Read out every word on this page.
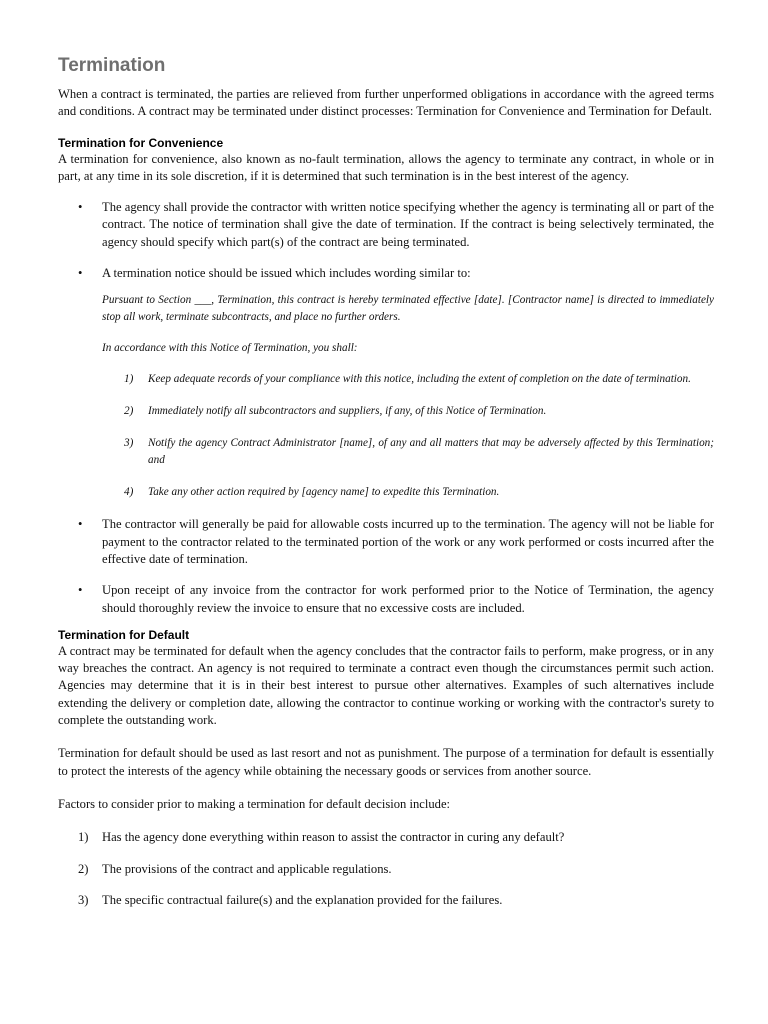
Termination

When a contract is terminated, the parties are relieved from further unperformed obligations in accordance with the agreed terms and conditions. A contract may be terminated under distinct processes: Termination for Convenience and Termination for Default.

Termination for Convenience

A termination for convenience, also known as no-fault termination, allows the agency to terminate any contract, in whole or in part, at any time in its sole discretion, if it is determined that such termination is in the best interest of the agency.

• The agency shall provide the contractor with written notice specifying whether the agency is terminating all or part of the contract. The notice of termination shall give the date of termination. If the contract is being selectively terminated, the agency should specify which part(s) of the contract are being terminated.
• A termination notice should be issued which includes wording similar to:

Pursuant to Section ___, Termination, this contract is hereby terminated effective [date]. [Contractor name] is directed to immediately stop all work, terminate subcontracts, and place no further orders.

In accordance with this Notice of Termination, you shall:

1) Keep adequate records of your compliance with this notice, including the extent of completion on the date of termination.
2) Immediately notify all subcontractors and suppliers, if any, of this Notice of Termination.
3) Notify the agency Contract Administrator [name], of any and all matters that may be adversely affected by this Termination; and
4) Take any other action required by [agency name] to expedite this Termination.
• The contractor will generally be paid for allowable costs incurred up to the termination. The agency will not be liable for payment to the contractor related to the terminated portion of the work or any work performed or costs incurred after the effective date of termination.
• Upon receipt of any invoice from the contractor for work performed prior to the Notice of Termination, the agency should thoroughly review the invoice to ensure that no excessive costs are included.
Termination for Default

A contract may be terminated for default when the agency concludes that the contractor fails to perform, make progress, or in any way breaches the contract. An agency is not required to terminate a contract even though the circumstances permit such action. Agencies may determine that it is in their best interest to pursue other alternatives. Examples of such alternatives include extending the delivery or completion date, allowing the contractor to continue working or working with the contractor's surety to complete the outstanding work.

Termination for default should be used as last resort and not as punishment. The purpose of a termination for default is essentially to protect the interests of the agency while obtaining the necessary goods or services from another source.

Factors to consider prior to making a termination for default decision include:

1) Has the agency done everything within reason to assist the contractor in curing any default?
2) The provisions of the contract and applicable regulations.
3) The specific contractual failure(s) and the explanation provided for the failures.
